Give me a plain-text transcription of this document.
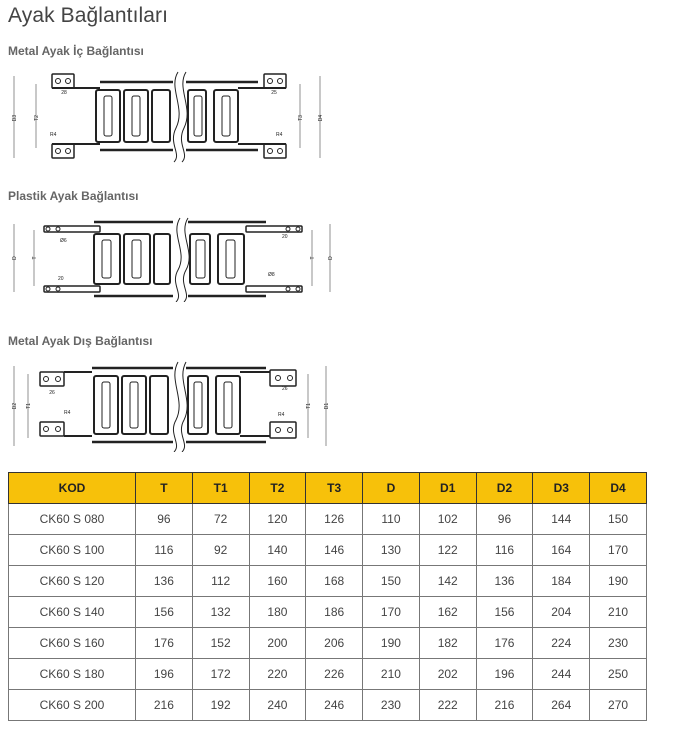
Ayak Bağlantıları
Metal Ayak İç Bağlantısı
D3	T2
28
R4
25
R4
T3	D4
Plastik Ayak Bağlantısı
D	T
Ø6
20
20
Ø8
T D
Metal Ayak Dış Bağlantısı
D2 T1
26
R4
26
R4
T1 D1
KOD	T	T1	T2	T3	D	D1	D2	D3	D4
CK60 S 080	96	72	120	126	110	102	96	144	150
CK60 S 100	116	92	140	146	130	122	116	164	170
CK60 S 120	136	112	160	168	150	142	136	184	190
CK60 S 140	156	132	180	186	170	162	156	204	210
CK60 S 160	176	152	200	206	190	182	176	224	230
CK60 S 180	196	172	220	226	210	202	196	244	250
CK60 S 200	216	192	240	246	230	222	216	264	270
